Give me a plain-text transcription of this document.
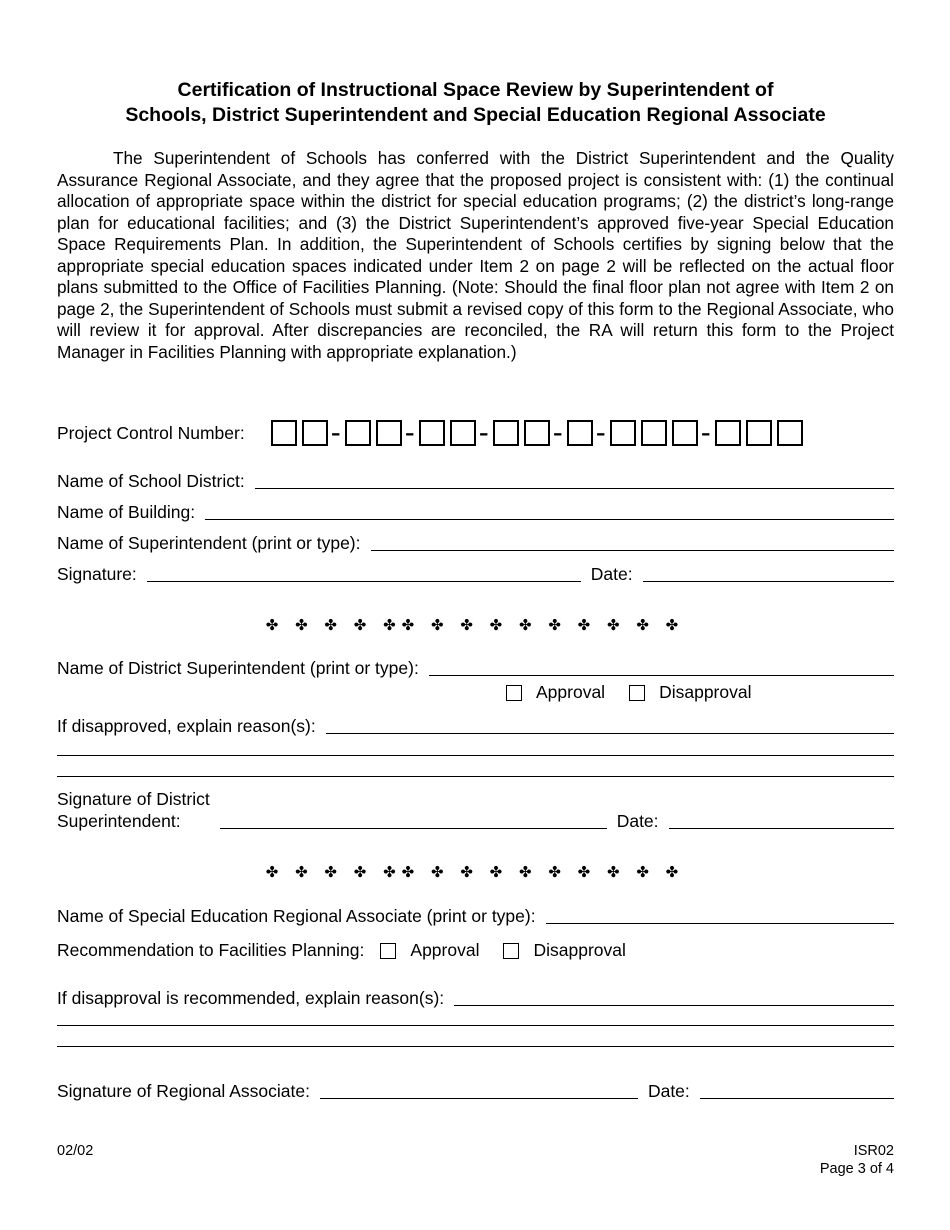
Certification of Instructional Space Review by Superintendent of
Schools, District Superintendent and Special Education Regional Associate

The Superintendent of Schools has conferred with the District Superintendent and the Quality Assurance Regional Associate, and they agree that the proposed project is consistent with: (1) the continual allocation of appropriate space within the district for special education programs; (2) the district’s long-range plan for educational facilities; and (3) the District Superintendent’s approved five-year Special Education Space Requirements Plan. In addition, the Superintendent of Schools certifies by signing below that the appropriate special education spaces indicated under Item 2 on page 2 will be reflected on the actual floor plans submitted to the Office of Facilities Planning. (Note: Should the final floor plan not agree with Item 2 on page 2, the Superintendent of Schools must submit a revised copy of this form to the Regional Associate, who will review it for approval. After discrepancies are reconciled, the RA will return this form to the Project Manager in Facilities Planning with appropriate explanation.)

Project Control Number:	- - - - -	-
Name of School District:
Name of Building:
Name of Superintendent (print or type):
Signature:	Date:
✤ ✤ ✤ ✤ ✤✤ ✤ ✤ ✤ ✤ ✤ ✤ ✤ ✤ ✤
Name of District Superintendent (print or type):
Approval	Disapproval
If disapproved, explain reason(s):
Signature of District
Superintendent:	Date:
✤ ✤ ✤ ✤ ✤✤ ✤ ✤ ✤ ✤ ✤ ✤ ✤ ✤ ✤
Name of Special Education Regional Associate (print or type):
Recommendation to Facilities Planning:	Approval	Disapproval
If disapproval is recommended, explain reason(s):
Signature of Regional Associate:	Date:
02/02	ISR02
Page 3 of 4
